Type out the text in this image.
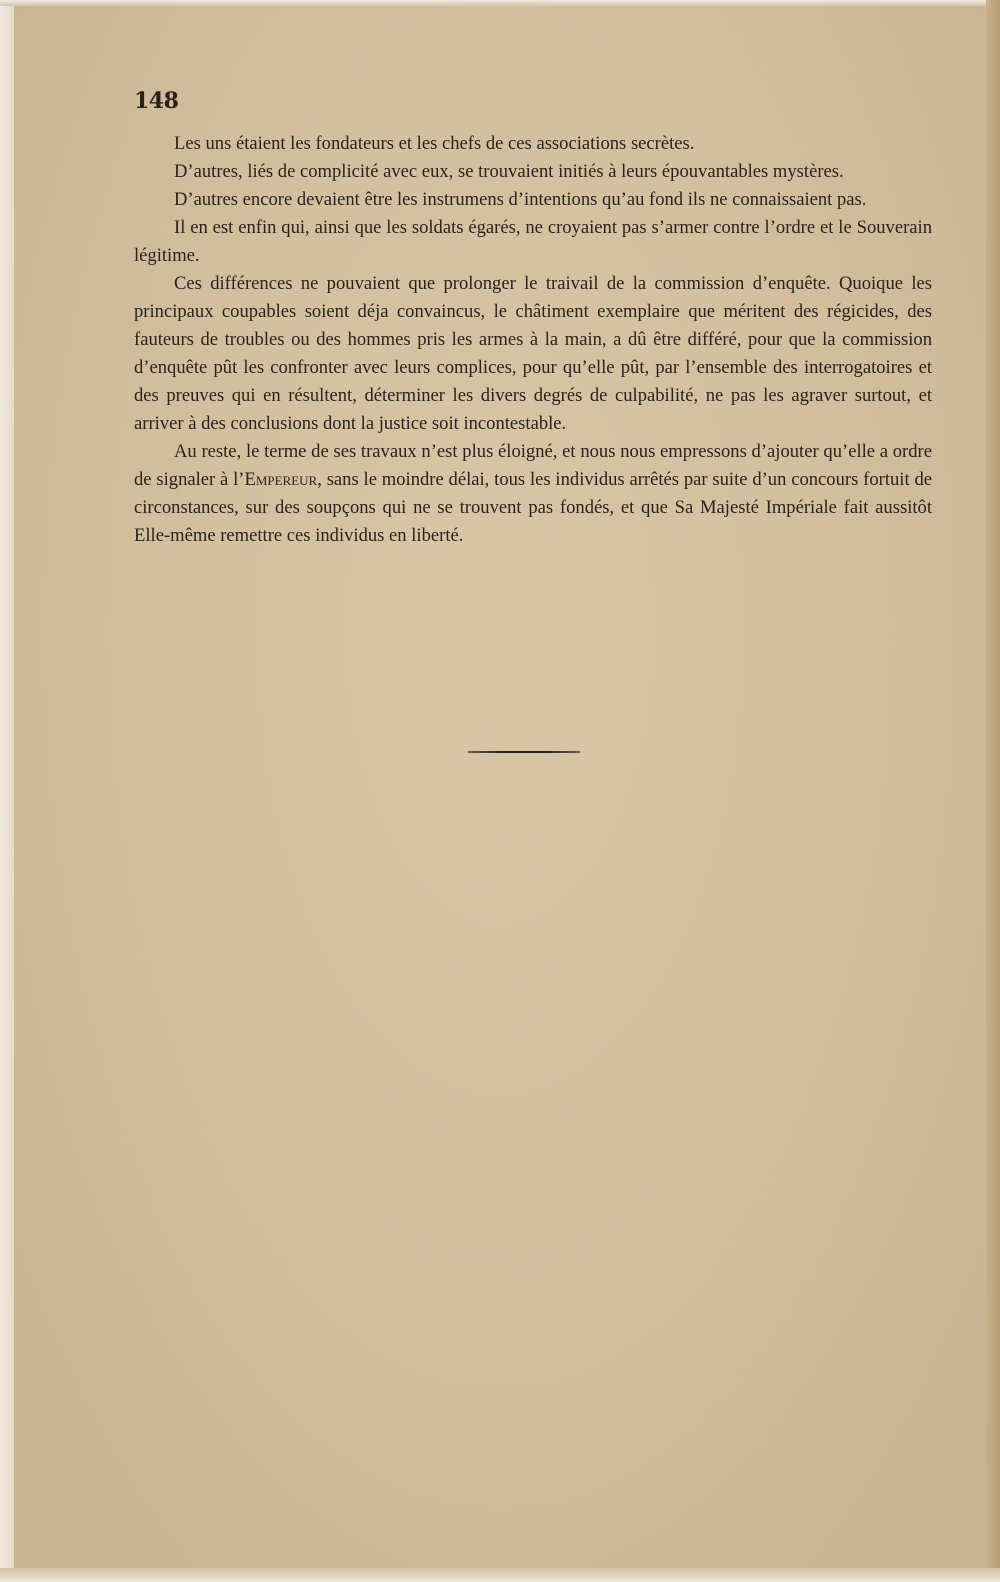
148

Les uns étaient les fondateurs et les chefs de ces associations secrètes.

D’autres, liés de complicité avec eux, se trouvaient initiés à leurs épouvantables mystères.

D’autres encore devaient être les instrumens d’intentions qu’au fond ils ne connaissaient pas.

Il en est enfin qui, ainsi que les soldats égarés, ne croyaient pas s’armer contre l’ordre et le Souverain légitime.

Ces différences ne pouvaient que prolonger le traivail de la commission d’enquête. Quoique les principaux coupables soient déja convaincus, le châtiment exemplaire que méritent des régicides, des fauteurs de troubles ou des hommes pris les armes à la main, a dû être différé, pour que la commission d’enquête pût les confronter avec leurs complices, pour qu’elle pût, par l’ensemble des interrogatoires et des preuves qui en résultent, déterminer les divers degrés de culpabilité, ne pas les agraver surtout, et arriver à des conclusions dont la justice soit incontestable.

Au reste, le terme de ses travaux n’est plus éloigné, et nous nous empressons d’ajouter qu’elle a ordre de signaler à l’Empereur, sans le moindre délai, tous les individus arrêtés par suite d’un concours fortuit de circonstances, sur des soupçons qui ne se trouvent pas fondés, et que Sa Majesté Impériale fait aussitôt Elle-même remettre ces individus en liberté.
